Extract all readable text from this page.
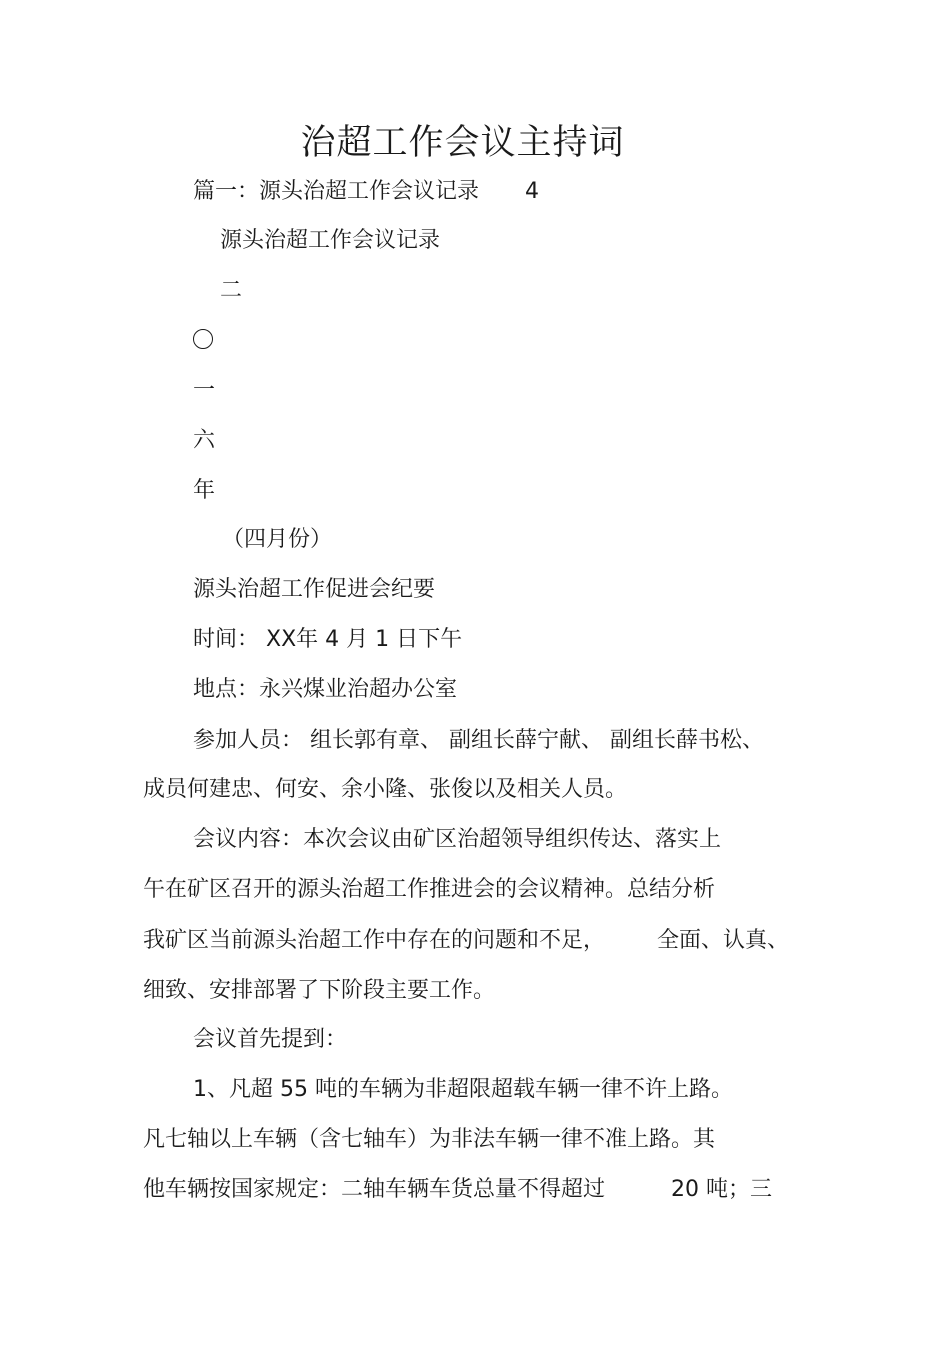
治超工作会议主持词
篇一：源头治超工作会议记录 4
源头治超工作会议记录
二
一
六
年
（四月份）
源头治超工作促进会纪要
时间： XX年 4 月 1 日下午
地点：永兴煤业治超办公室
参加人员： 组长郭有章、 副组长薛宁献、 副组长薛书松、
成员何建忠、何安、余小隆、张俊以及相关人员。
会议内容：本次会议由矿区治超领导组织传达、落实上
午在矿区召开的源头治超工作推进会的会议精神。总结分析
我矿区当前源头治超工作中存在的问题和不足， 全面、认真、
细致、安排部署了下阶段主要工作。
会议首先提到：
1、凡超 55 吨的车辆为非超限超载车辆一律不许上路。
凡七轴以上车辆（含七轴车）为非法车辆一律不准上路。其
他车辆按国家规定：二轴车辆车货总量不得超过	20 吨；三
